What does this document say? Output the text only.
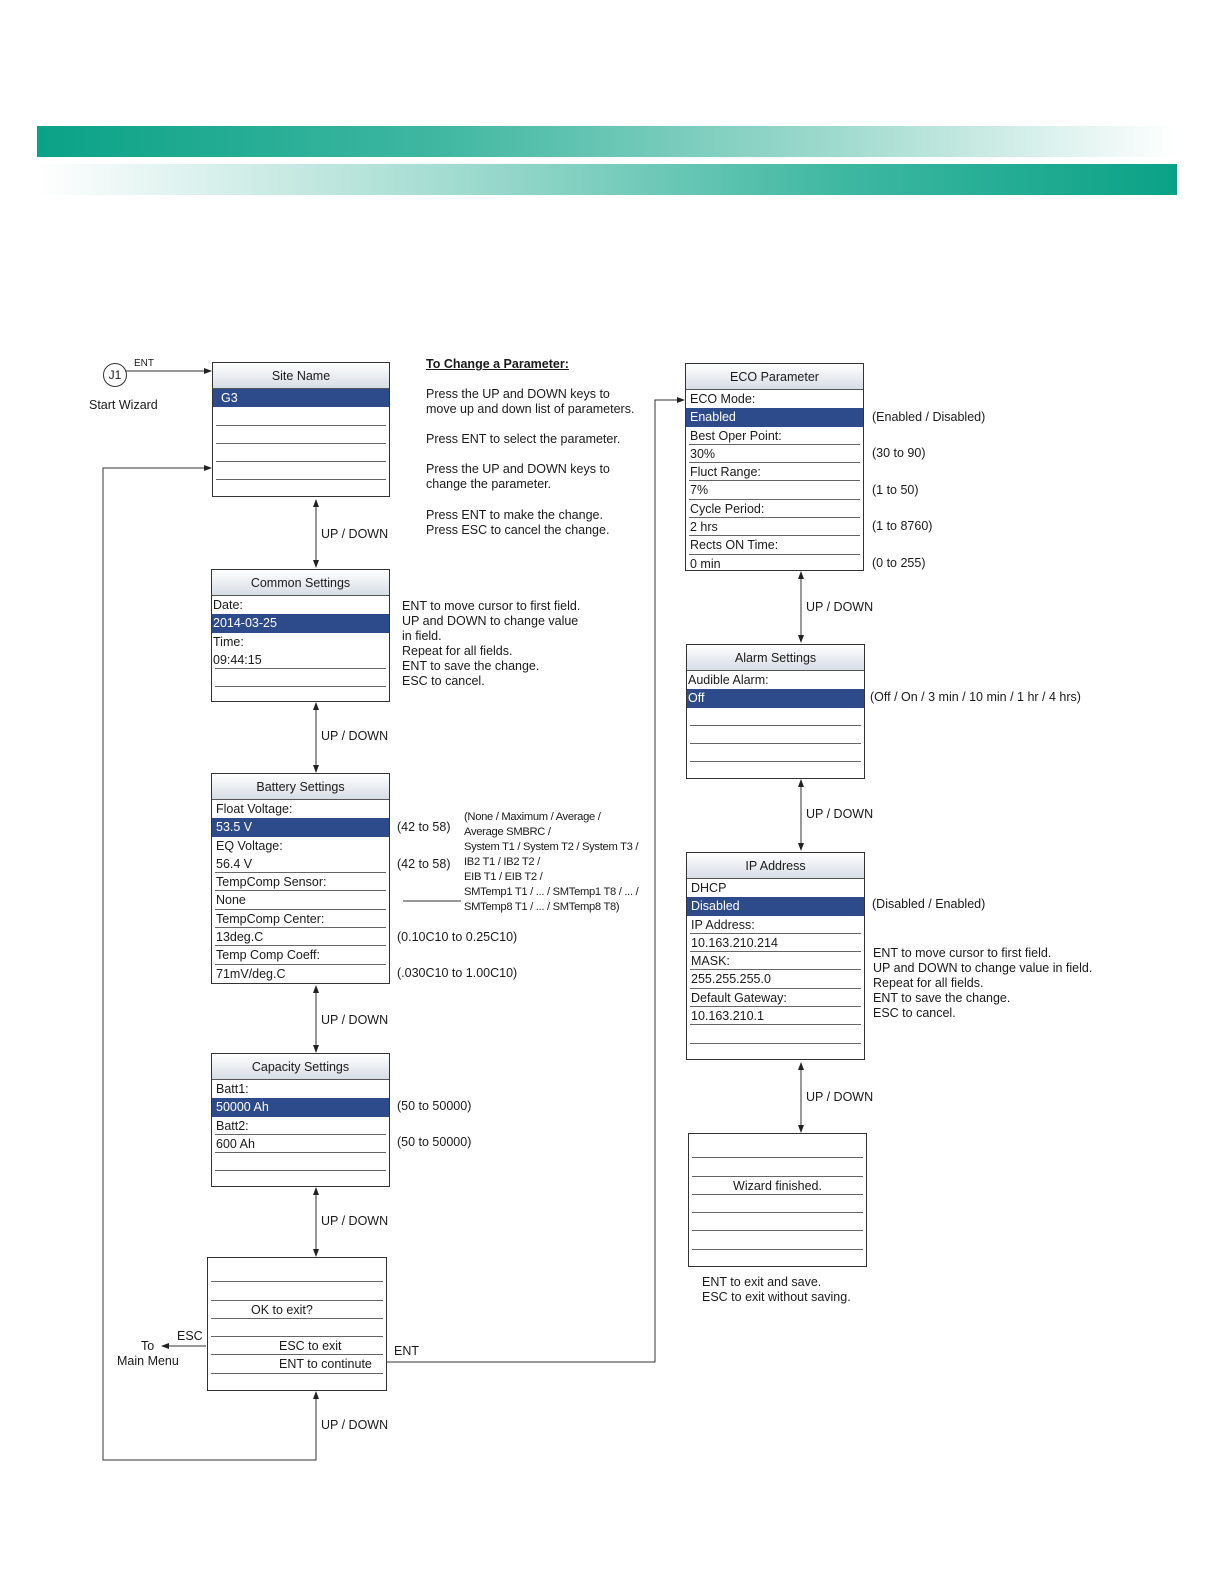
J1
ENT
Start Wizard
To Change a Parameter:
Press the UP and DOWN keys to
move up and down list of parameters.
Press ENT to select the parameter.
Press the UP and DOWN keys to
change the parameter.
Press ENT to make the change.
Press ESC to cancel the change.
Site Name
G3
UP / DOWN
Common Settings
Date:
2014-03-25
Time:
09:44:15
ENT to move cursor to first field.
UP and DOWN to change value
in field.
Repeat for all fields.
ENT to save the change.
ESC to cancel.
UP / DOWN
Battery Settings
Float Voltage:
53.5 V
EQ Voltage:
56.4 V
TempComp Sensor:
None
TempComp Center:
13deg.C
Temp Comp Coeff:
71mV/deg.C
(42 to 58)
(42 to 58)
(0.10C10 to 0.25C10)
(.030C10 to 1.00C10)
(None / Maximum / Average /
Average SMBRC /
System T1 / System T2 / System T3 /
IB2 T1 / IB2 T2 /
EIB T1 / EIB T2 /
SMTemp1 T1 / ... / SMTemp1 T8 / ... /
SMTemp8 T1 / ... / SMTemp8 T8)
UP / DOWN
Capacity Settings
Batt1:
50000 Ah
Batt2:
600 Ah
(50 to 50000)
(50 to 50000)
UP / DOWN
OK to exit?
ESC to exit
ENT to continute
ESC
To
Main Menu
ENT
UP / DOWN
ECO Parameter
ECO Mode:
Enabled
Best Oper Point:
30%
Fluct Range:
7%
Cycle Period:
2 hrs
Rects ON Time:
0 min
(Enabled / Disabled)
(30 to 90)
(1 to 50)
(1 to 8760)
(0 to 255)
UP / DOWN
Alarm Settings
Audible Alarm:
Off	(Off / On / 3 min / 10 min / 1 hr / 4 hrs)
UP / DOWN
IP Address
DHCP
Disabled
IP Address:
10.163.210.214
MASK:
255.255.255.0
Default Gateway:
10.163.210.1
(Disabled / Enabled)
ENT to move cursor to first field.
UP and DOWN to change value in field.
Repeat for all fields.
ENT to save the change.
ESC to cancel.
UP / DOWN
Wizard finished.
ENT to exit and save.
ESC to exit without saving.
